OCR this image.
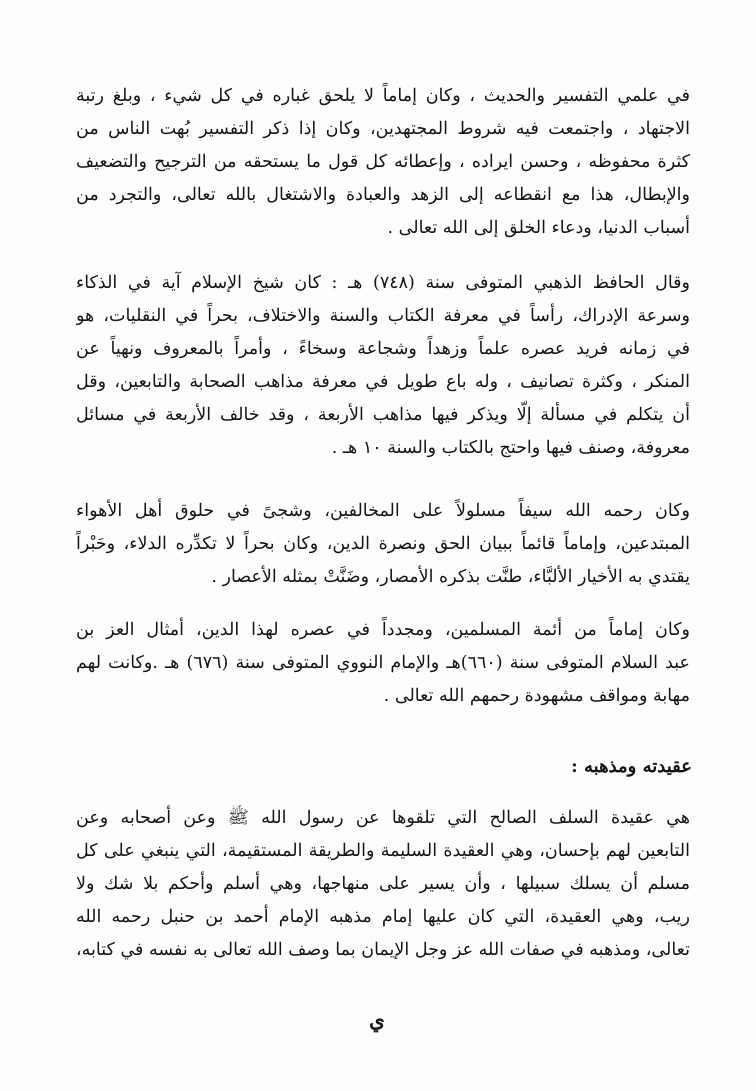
في علمي التفسير والحديث ، وكان إماماً لا يلحق غباره في كل شيء ، وبلغ رتبة
الاجتهاد ، واجتمعت فيه شروط المجتهدين، وكان إذا ذكر التفسير بُهت الناس من
كثرة محفوظه ، وحسن ايراده ، وإعطائه كل قول ما يستحقه من الترجيح والتضعيف
والإبطال، هذا مع انقطاعه إلى الزهد والعبادة والاشتغال بالله تعالى، والتجرد من
أسباب الدنيا، ودعاء الخلق إلى الله تعالى .
وقال الحافظ الذهبي المتوفى سنة (٧٤٨) هـ : كان شيخ الإسلام آية في الذكاء
وسرعة الإدراك، رأساً في معرفة الكتاب والسنة والاختلاف، بحراً في النقليات، هو
في زمانه فريد عصره علماً وزهداً وشجاعة وسخاءً ، وأمراً بالمعروف ونهياً عن
المنكر ، وكثرة تصانيف ، وله باع طويل في معرفة مذاهب الصحابة والتابعين، وقل
أن يتكلم في مسألة إلّا ويذكر فيها مذاهب الأربعة ، وقد خالف الأربعة في مسائل
معروفة، وصنف فيها واحتج بالكتاب والسنة ١٠ هـ .
وكان رحمه الله سيفاً مسلولاً على المخالفين، وشجىً في حلوق أهل الأهواء
المبتدعين، وإماماً قائماً ببيان الحق ونصرة الدين، وكان بحراً لا تكدِّره الدلاء، وحَبْراً
يقتدي به الأخيار الألبَّاء، طنَّت بذكره الأمصار، وضَنَّتْ بمثله الأعصار .
وكان إماماً من أئمة المسلمين، ومجدداً في عصره لهذا الدين، أمثال العز بن
عبد السلام المتوفى سنة (٦٦٠)هـ والإمام النووي المتوفى سنة (٦٧٦) هـ .وكانت لهم
مهابة ومواقف مشهودة رحمهم الله تعالى .
عقيدته ومذهبه :
هي عقيدة السلف الصالح التي تلقوها عن رسول الله ﷺ وعن أصحابه وعن
التابعين لهم بإحسان، وهي العقيدة السليمة والطريقة المستقيمة، التي ينبغي على كل
مسلم أن يسلك سبيلها ، وأن يسير على منهاجها، وهي أسلم وأحكم بلا شك ولا
ريب، وهي العقيدة، التي كان عليها إمام مذهبه الإمام أحمد بن حنبل رحمه الله
تعالى، ومذهبه في صفات الله عز وجل الإيمان بما وصف الله تعالى به نفسه في كتابه،
ي
